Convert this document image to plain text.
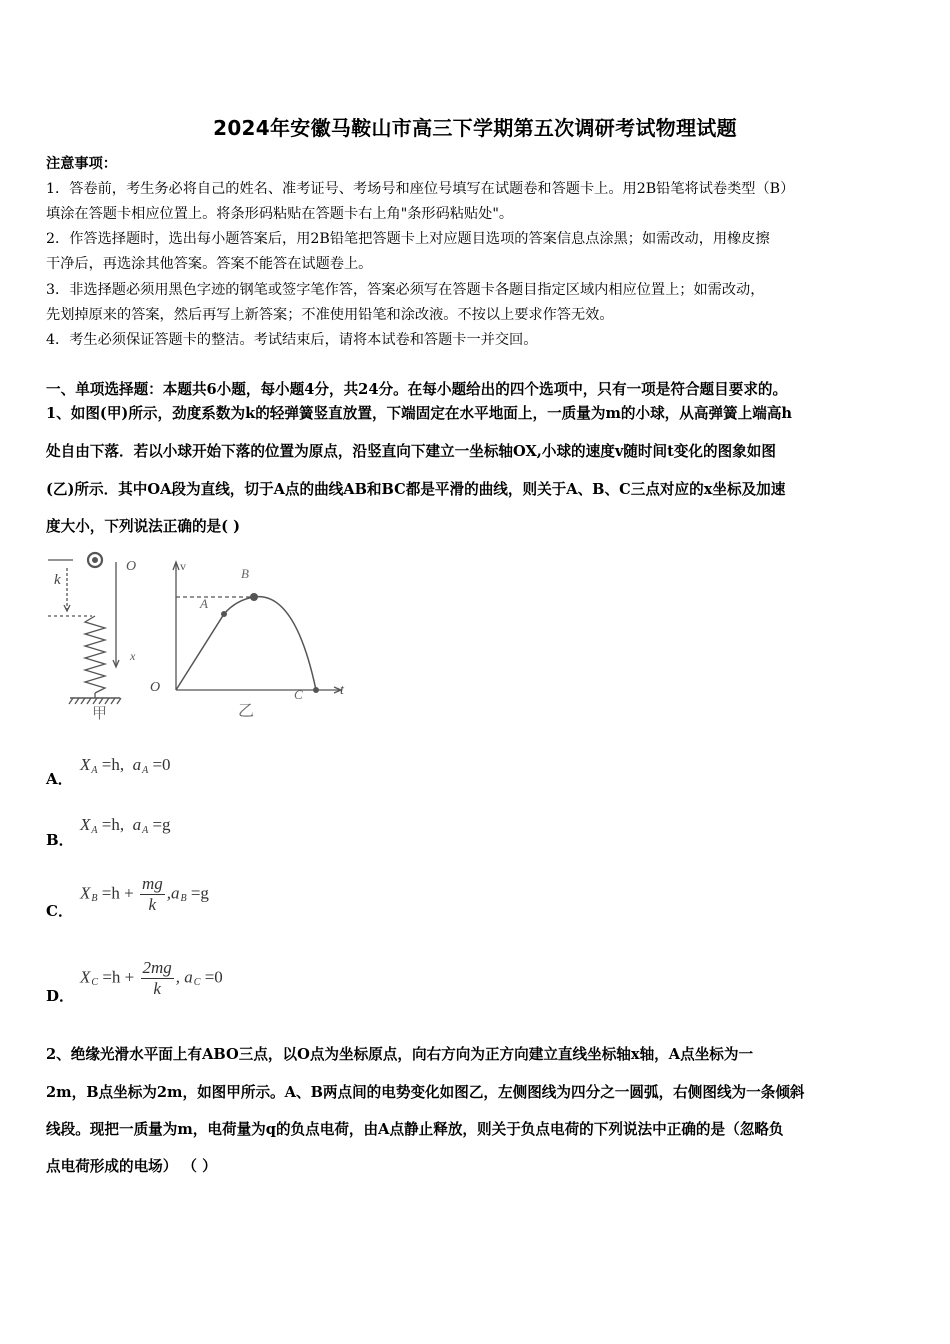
2024年安徽马鞍山市高三下学期第五次调研考试物理试题
注意事项：
1．答卷前，考生务必将自己的姓名、准考证号、考场号和座位号填写在试题卷和答题卡上。用2B铅笔将试卷类型（B）
填涂在答题卡相应位置上。将条形码粘贴在答题卡右上角"条形码粘贴处"。
2．作答选择题时，选出每小题答案后，用2B铅笔把答题卡上对应题目选项的答案信息点涂黑；如需改动，用橡皮擦
干净后，再选涂其他答案。答案不能答在试题卷上。
3．非选择题必须用黑色字迹的钢笔或签字笔作答，答案必须写在答题卡各题目指定区域内相应位置上；如需改动，
先划掉原来的答案，然后再写上新答案；不准使用铅笔和涂改液。不按以上要求作答无效。
4．考生必须保证答题卡的整洁。考试结束后，请将本试卷和答题卡一并交回。
一、单项选择题：本题共6小题，每小题4分，共24分。在每小题给出的四个选项中，只有一项是符合题目要求的。
1、如图(甲)所示，劲度系数为k的轻弹簧竖直放置，下端固定在水平地面上，一质量为m的小球，从高弹簧上端高h
处自由下落．若以小球开始下落的位置为原点，沿竖直向下建立一坐标轴OX,小球的速度v随时间t变化的图象如图
(乙)所示．其中OA段为直线，切于A点的曲线AB和BC都是平滑的曲线，则关于A、B、C三点对应的x坐标及加速
度大小，下列说法正确的是( )
k
O
x
甲
v
O	t
A
B
C
乙
A．
$X_A =h$, $a_A =0$
B．
$X_A =h$, $a_A =g$
C．
$X_B =h + \frac{mg}{k} ,a_B =g$
D．
$X_C =h + \frac{2mg}{k}$ , $a_C =0$
2、绝缘光滑水平面上有ABO三点，以O点为坐标原点，向右方向为正方向建立直线坐标轴x轴，A点坐标为一
2m，B点坐标为2m，如图甲所示。A、B两点间的电势变化如图乙，左侧图线为四分之一圆弧，右侧图线为一条倾斜
线段。现把一质量为m，电荷量为q的负点电荷，由A点静止释放，则关于负点电荷的下列说法中正确的是（忽略负
点电荷形成的电场） （ ）
